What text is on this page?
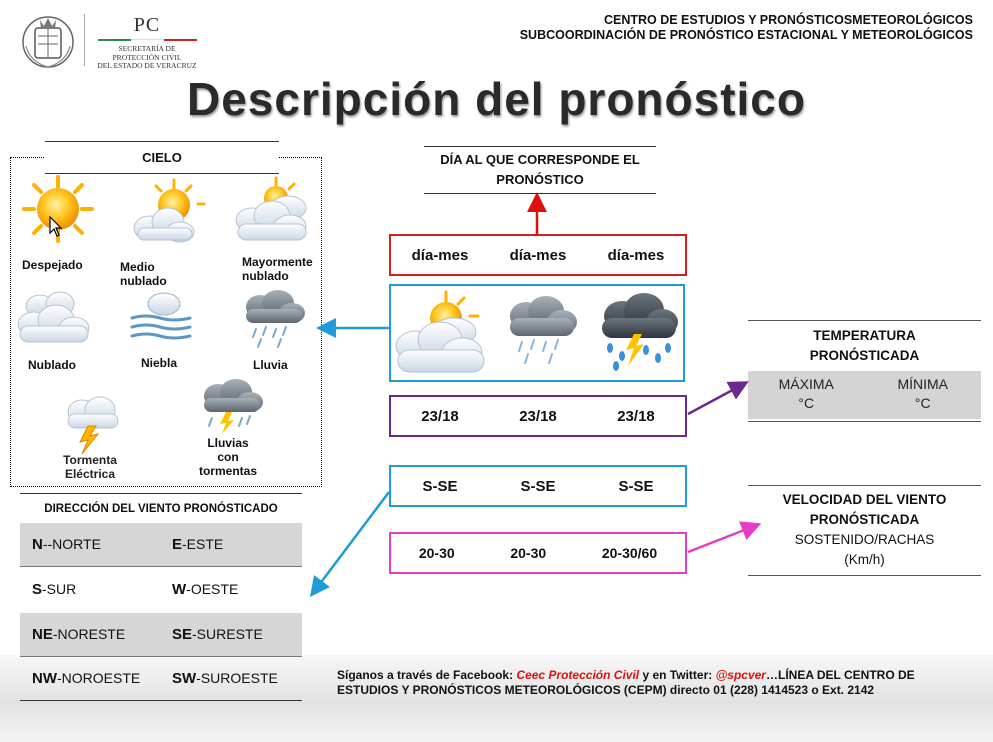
CENTRO DE ESTUDIOS Y PRONÓSTICOSMETEOROLÓGICOS
SUBCOORDINACIÓN DE PRONÓSTICO ESTACIONAL Y METEOROLÓGICOS
PC
SECRETARÍA DE
PROTECCIÓN CIVIL
DEL ESTADO DE VERACRUZ
Descripción del pronóstico
CIELO
Despejado	Medio
nublado
Mayormente
nublado
Nublado	Niebla	Lluvia
Tormenta
Eléctrica
Lluvias
con
tormentas
DIRECCIÓN DEL VIENTO PRONÓSTICADO
N--NORTE	E-ESTE
S-SUR	W-OESTE
NE-NORESTE	SE-SURESTE
NW-NOROESTE	SW-SUROESTE
DÍA AL QUE CORRESPONDE EL
PRONÓSTICO
día-mes	día-mes	día-mes
23/18	23/18	23/18
S-SE	S-SE	S-SE
20-30	20-30	20-30/60
TEMPERATURA
PRONÓSTICADA
MÁXIMA
°C
MÍNIMA
°C
VELOCIDAD DEL VIENTO
PRONÓSTICADA
SOSTENIDO/RACHAS
(Km/h)
Síganos a través de Facebook: Ceec Protección Civil y en Twitter: @spcver…LÍNEA DEL CENTRO DE ESTUDIOS Y PRONÓSTICOS METEOROLÓGICOS (CEPM) directo 01 (228) 1414523 o Ext. 2142
